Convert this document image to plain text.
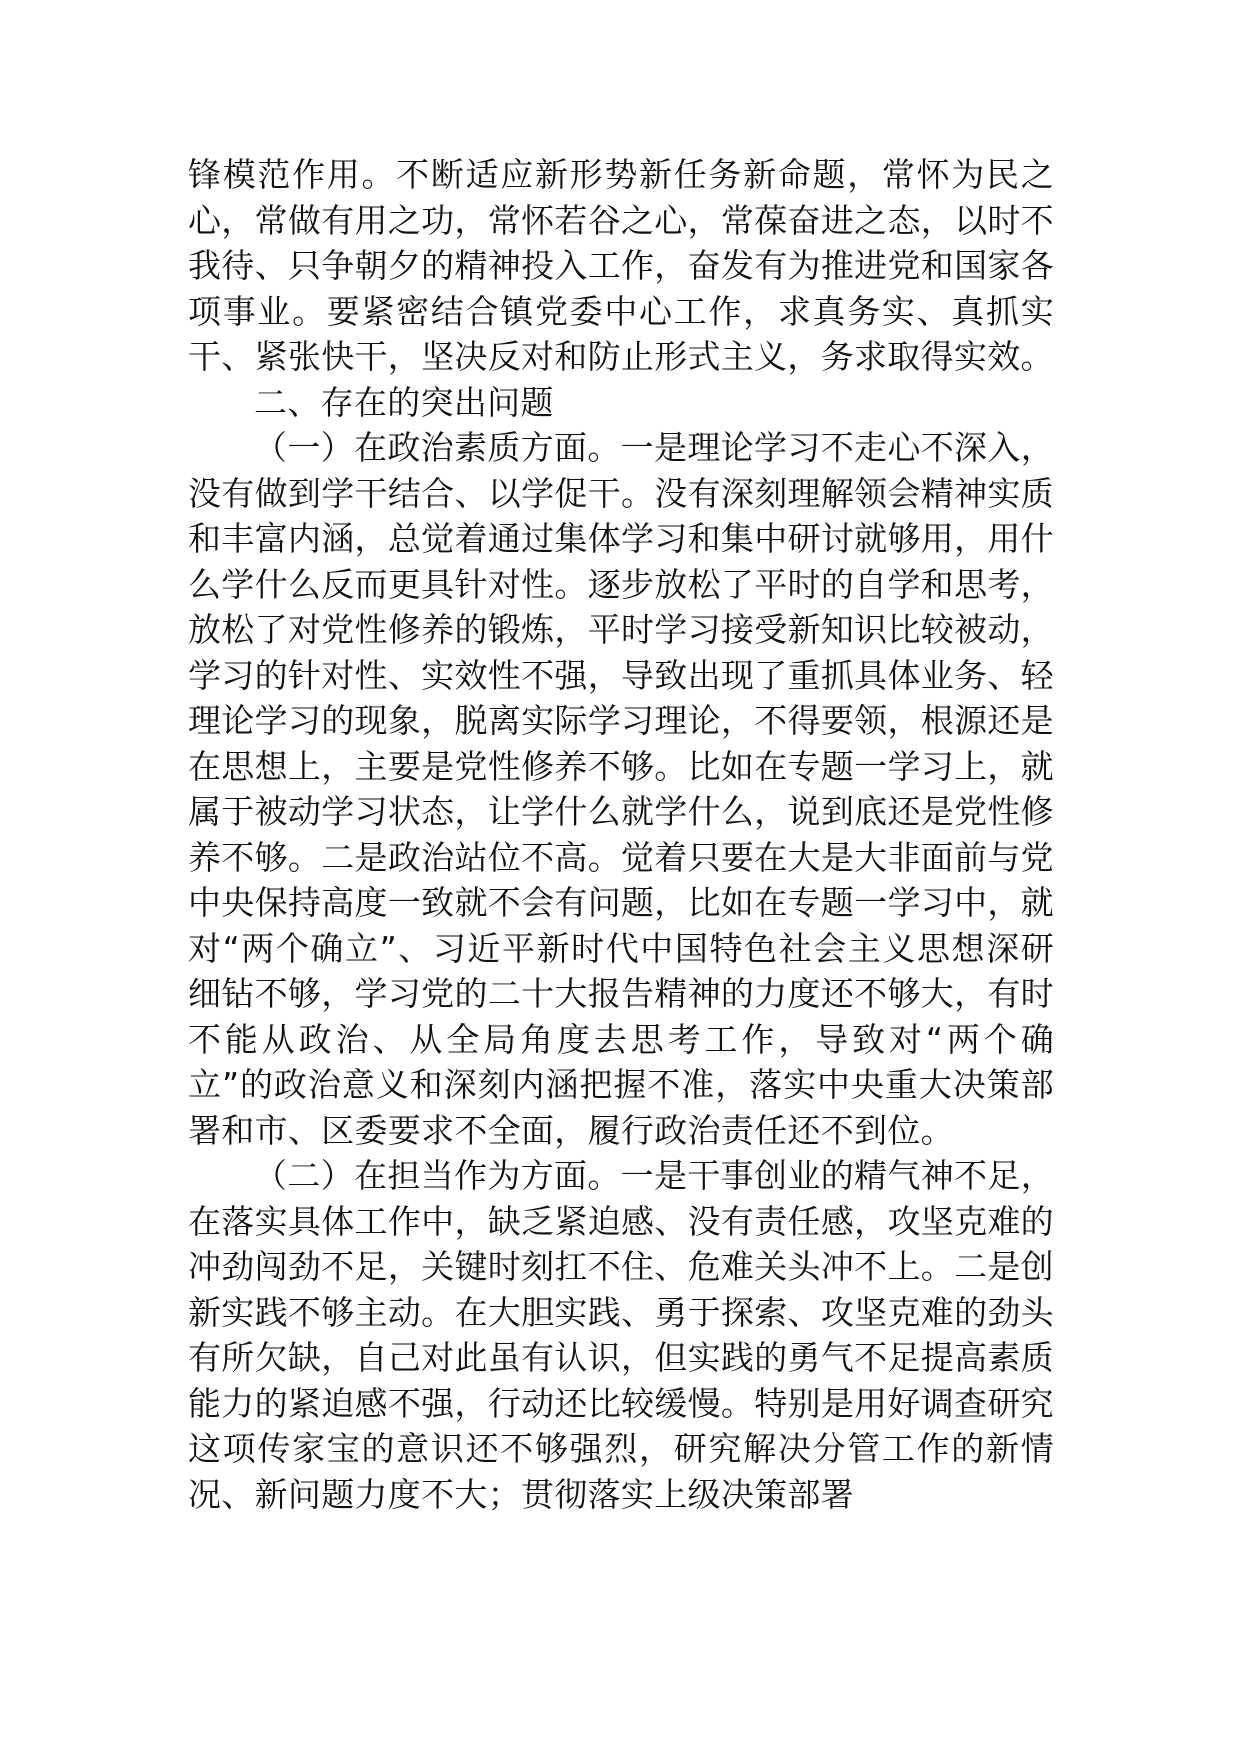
锋模范作用。不断适应新形势新任务新命题，常怀为民之心，常做有用之功，常怀若谷之心，常葆奋进之态，以时不我待、只争朝夕的精神投入工作，奋发有为推进党和国家各项事业。要紧密结合镇党委中心工作，求真务实、真抓实干、紧张快干，坚决反对和防止形式主义，务求取得实效。

二、存在的突出问题

（一）在政治素质方面。一是理论学习不走心不深入，没有做到学干结合、以学促干。没有深刻理解领会精神实质和丰富内涵，总觉着通过集体学习和集中研讨就够用，用什么学什么反而更具针对性。逐步放松了平时的自学和思考，放松了对党性修养的锻炼，平时学习接受新知识比较被动，学习的针对性、实效性不强，导致出现了重抓具体业务、轻理论学习的现象，脱离实际学习理论，不得要领，根源还是在思想上，主要是党性修养不够。比如在专题一学习上，就属于被动学习状态，让学什么就学什么，说到底还是党性修养不够。二是政治站位不高。觉着只要在大是大非面前与党中央保持高度一致就不会有问题，比如在专题一学习中，就对“两个确立”、习近平新时代中国特色社会主义思想深研细钻不够，学习党的二十大报告精神的力度还不够大，有时不能从政治、从全局角度去思考工作，导致对“两个确立”的政治意义和深刻内涵把握不准，落实中央重大决策部署和市、区委要求不全面，履行政治责任还不到位。

（二）在担当作为方面。一是干事创业的精气神不足，在落实具体工作中，缺乏紧迫感、没有责任感，攻坚克难的冲劲闯劲不足，关键时刻扛不住、危难关头冲不上。二是创新实践不够主动。在大胆实践、勇于探索、攻坚克难的劲头有所欠缺，自己对此虽有认识，但实践的勇气不足提高素质能力的紧迫感不强，行动还比较缓慢。特别是用好调查研究这项传家宝的意识还不够强烈，研究解决分管工作的新情况、新问题力度不大；贯彻落实上级决策部署
